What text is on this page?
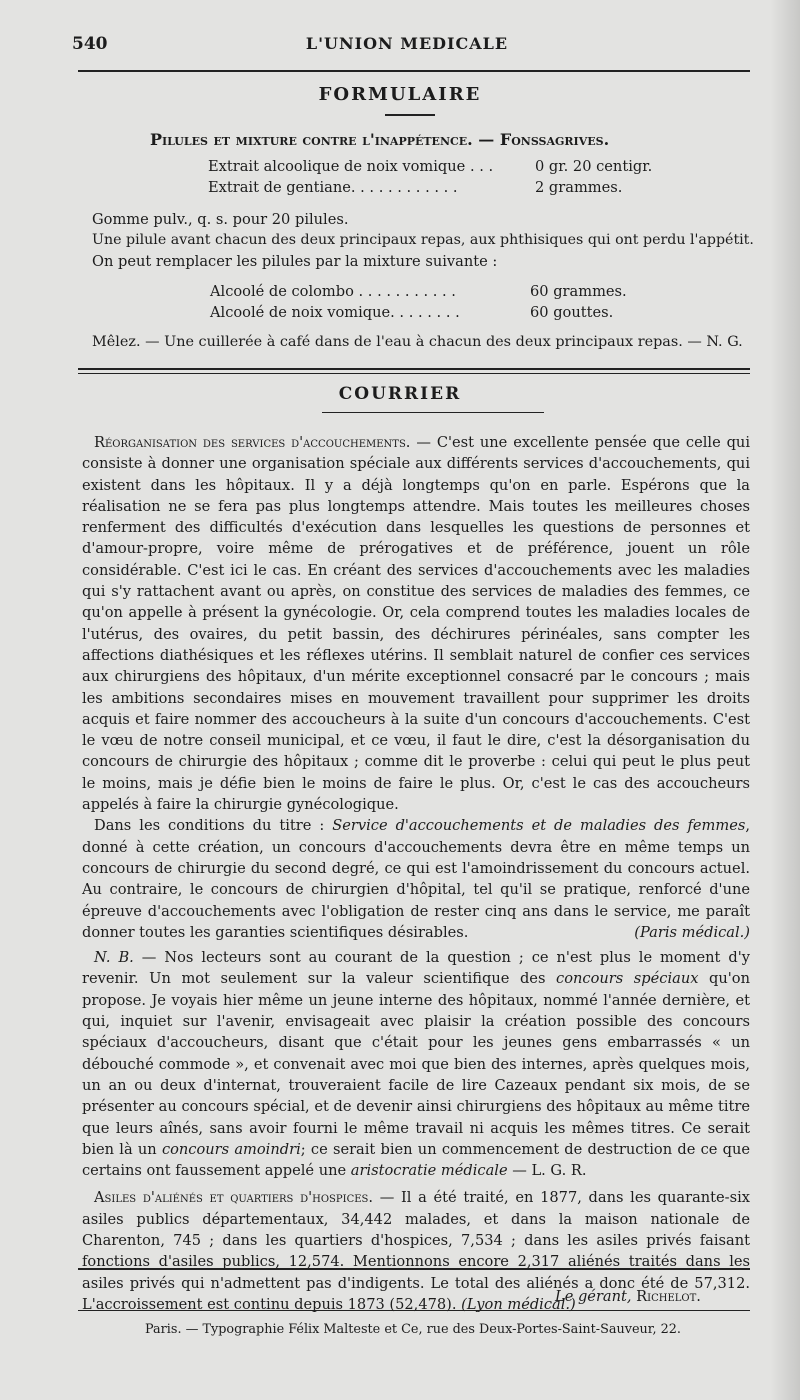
540	L'UNION MEDICALE
FORMULAIRE
Pilules et mixture contre l'inappétence. — Fonssagrives.
Extrait alcoolique de noix vomique . . .	0 gr. 20 centigr.
Extrait de gentiane. . . . . . . . . . . .	2 grammes.
Gomme pulv., q. s. pour 20 pilules.
Une pilule avant chacun des deux principaux repas, aux phthisiques qui ont perdu l'appétit.
On peut remplacer les pilules par la mixture suivante :
Alcoolé de colombo . . . . . . . . . . .	60 grammes.
Alcoolé de noix vomique. . . . . . . .	60 gouttes.
Mêlez. — Une cuillerée à café dans de l'eau à chacun des deux principaux repas. — N. G.
COURRIER

Réorganisation des services d'accouchements. — C'est une excellente pensée que celle qui consiste à donner une organisation spéciale aux différents services d'accouchements, qui existent dans les hôpitaux. Il y a déjà longtemps qu'on en parle. Espérons que la réalisation ne se fera pas plus longtemps attendre. Mais toutes les meilleures choses renferment des difficultés d'exécution dans lesquelles les questions de personnes et d'amour-propre, voire même de prérogatives et de préférence, jouent un rôle considérable. C'est ici le cas. En créant des services d'accouchements avec les maladies qui s'y rattachent avant ou après, on constitue des services de maladies des femmes, ce qu'on appelle à présent la gynécologie. Or, cela comprend toutes les maladies locales de l'utérus, des ovaires, du petit bassin, des déchirures périnéales, sans compter les affections diathésiques et les réflexes utérins. Il semblait naturel de confier ces services aux chirurgiens des hôpitaux, d'un mérite exceptionnel consacré par le concours ; mais les ambitions secondaires mises en mouvement travaillent pour supprimer les droits acquis et faire nommer des accoucheurs à la suite d'un concours d'accouchements. C'est le vœu de notre conseil municipal, et ce vœu, il faut le dire, c'est la désorganisation du concours de chirurgie des hôpitaux ; comme dit le proverbe : celui qui peut le plus peut le moins, mais je défie bien le moins de faire le plus. Or, c'est le cas des accoucheurs appelés à faire la chirurgie gynécologique.

Dans les conditions du titre : Service d'accouchements et de maladies des femmes, donné à cette création, un concours d'accouchements devra être en même temps un concours de chirurgie du second degré, ce qui est l'amoindrissement du concours actuel. Au contraire, le concours de chirurgien d'hôpital, tel qu'il se pratique, renforcé d'une épreuve d'accouchements avec l'obligation de rester cinq ans dans le service, me paraît donner toutes les garanties scientifiques désirables.	(Paris médical.)

N. B. — Nos lecteurs sont au courant de la question ; ce n'est plus le moment d'y revenir. Un mot seulement sur la valeur scientifique des concours spéciaux qu'on propose. Je voyais hier même un jeune interne des hôpitaux, nommé l'année dernière, et qui, inquiet sur l'avenir, envisageait avec plaisir la création possible des concours spéciaux d'accoucheurs, disant que c'était pour les jeunes gens embarrassés « un débouché commode », et convenait avec moi que bien des internes, après quelques mois, un an ou deux d'internat, trouveraient facile de lire Cazeaux pendant six mois, de se présenter au concours spécial, et de devenir ainsi chirurgiens des hôpitaux au même titre que leurs aînés, sans avoir fourni le même travail ni acquis les mêmes titres. Ce serait bien là un concours amoindri; ce serait bien un commencement de destruction de ce que certains ont faussement appelé une aristocratie médicale — L. G. R.

Asiles d'aliénés et quartiers d'hospices. — Il a été traité, en 1877, dans les quarante-six asiles publics départementaux, 34,442 malades, et dans la maison nationale de Charenton, 745 ; dans les quartiers d'hospices, 7,534 ; dans les asiles privés faisant fonctions d'asiles publics, 12,574. Mentionnons encore 2,317 aliénés traités dans les asiles privés qui n'admettent pas d'indigents. Le total des aliénés a donc été de 57,312. L'accroissement est continu depuis 1873 (52,478). (Lyon médical.)

Le gérant, Richelot.
Paris. — Typographie Félix Malteste et Ce, rue des Deux-Portes-Saint-Sauveur, 22.
